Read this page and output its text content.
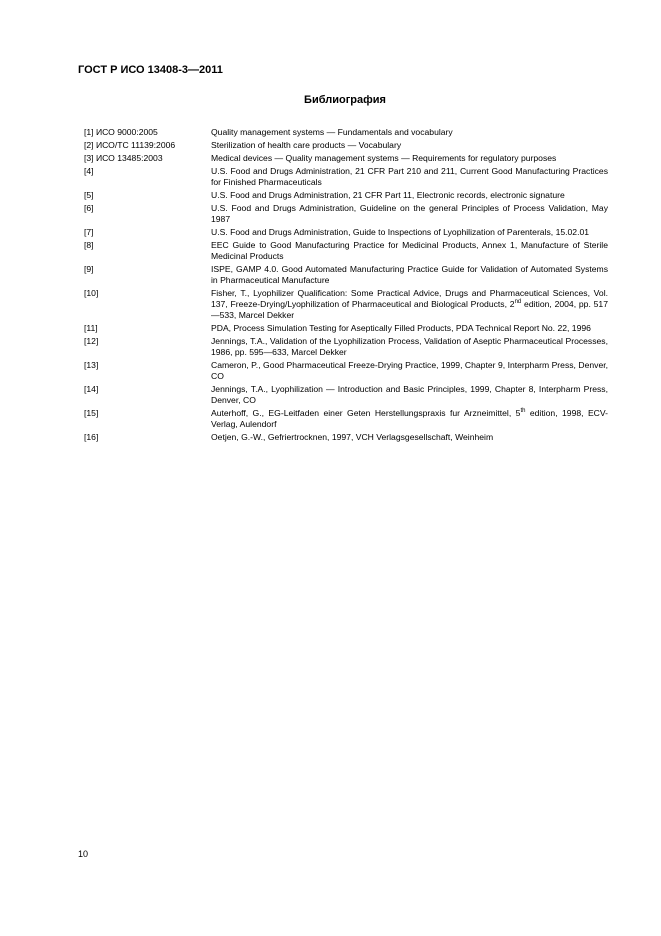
ГОСТ Р ИСО 13408-3—2011
Библиография
[1] ИСО 9000:2005	Quality management systems — Fundamentals and vocabulary
[2] ИСО/ТС 11139:2006	Sterilization of health care products — Vocabulary
[3] ИСО 13485:2003	Medical devices — Quality management systems — Requirements for regulatory purposes
[4]	U.S. Food and Drugs Administration, 21 CFR Part 210 and 211, Current Good Manufacturing Practices for Finished Pharmaceuticals
[5]	U.S. Food and Drugs Administration, 21 CFR Part 11, Electronic records, electronic signature
[6]	U.S. Food and Drugs Administration, Guideline on the general Principles of Process Validation, May 1987
[7]	U.S. Food and Drugs Administration, Guide to Inspections of Lyophilization of Parenterals, 15.02.01
[8]	EEC Guide to Good Manufacturing Practice for Medicinal Products, Annex 1, Manufacture of Sterile Medicinal Products
[9]	ISPE, GAMP 4.0. Good Automated Manufacturing Practice Guide for Validation of Automated Systems in Pharmaceutical Manufacture
[10]	Fisher, T., Lyophilizer Qualification: Some Practical Advice, Drugs and Pharmaceutical Sciences, Vol. 137, Freeze-Drying/Lyophilization of Pharmaceutical and Biological Products, 2nd edition, 2004, pp. 517—533, Marcel Dekker
[11]	PDA, Process Simulation Testing for Aseptically Filled Products, PDA Technical Report No. 22, 1996
[12]	Jennings, T.A., Validation of the Lyophilization Process, Validation of Aseptic Pharmaceutical Processes, 1986, pp. 595—633, Marcel Dekker
[13]	Cameron, P., Good Pharmaceutical Freeze-Drying Practice, 1999, Chapter 9, Interpharm Press, Denver, CO
[14]	Jennings, T.A., Lyophilization — Introduction and Basic Principles, 1999, Chapter 8, Interpharm Press, Denver, CO
[15]	Auterhoff, G., EG-Leitfaden einer Geten Herstellungspraxis fur Arzneimittel, 5th edition, 1998, ECV-Verlag, Aulendorf
[16]	Oetjen, G.-W., Gefriertrocknen, 1997, VCH Verlagsgesellschaft, Weinheim
10
